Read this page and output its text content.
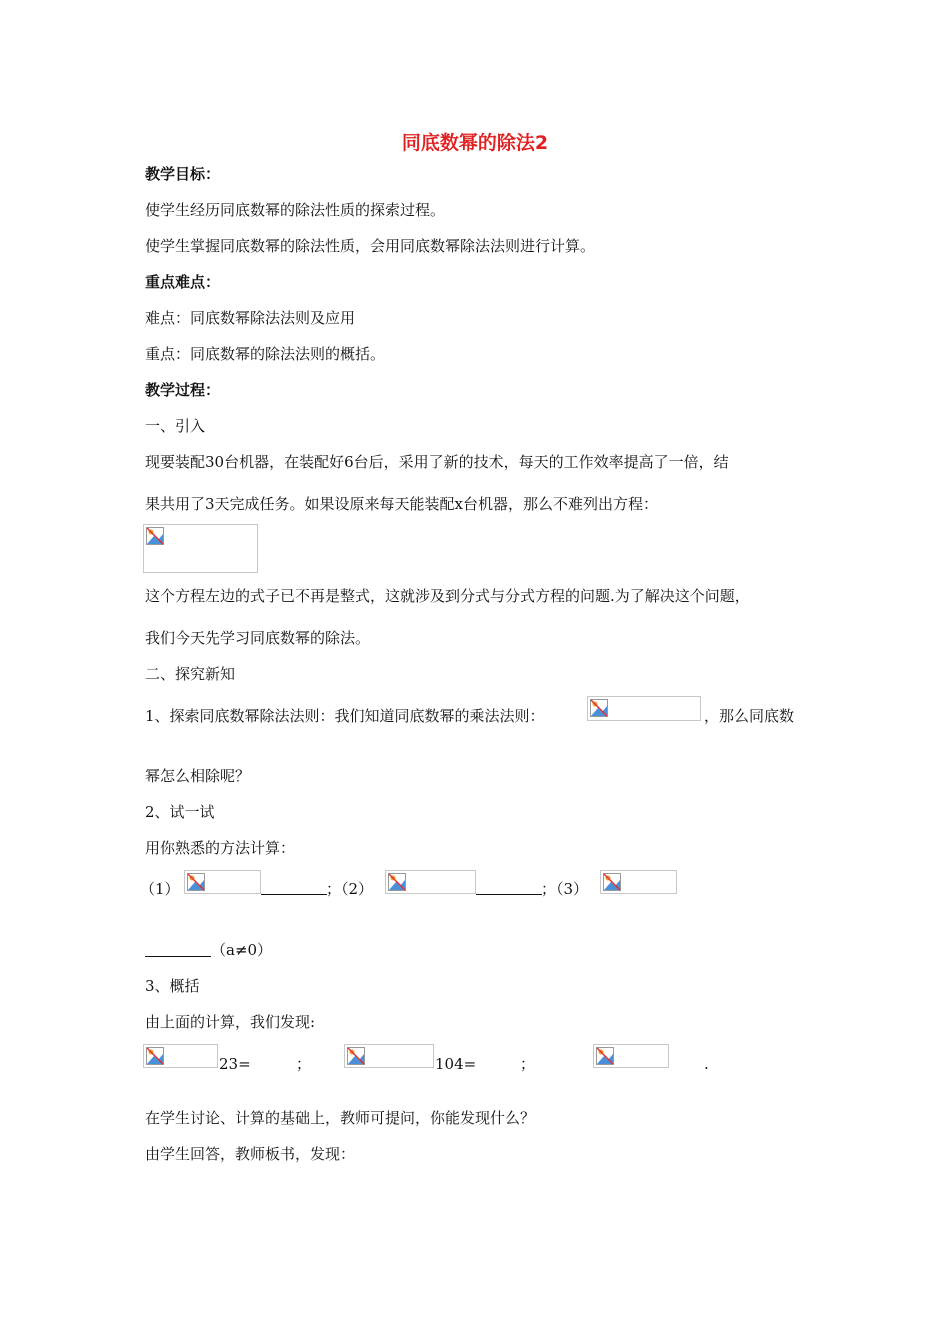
同底数幂的除法2
教学目标：
使学生经历同底数幂的除法性质的探索过程。
使学生掌握同底数幂的除法性质，会用同底数幂除法法则进行计算。
重点难点：
难点：同底数幂除法法则及应用
重点：同底数幂的除法法则的概括。
教学过程：
一、引入
现要装配30台机器，在装配好6台后，采用了新的技术，每天的工作效率提高了一倍，结
果共用了3天完成任务。如果设原来每天能装配x台机器，那么不难列出方程：
这个方程左边的式子已不再是整式，这就涉及到分式与分式方程的问题.为了解决这个问题，
我们今天先学习同底数幂的除法。
二、探究新知
1、探索同底数幂除法法则：我们知道同底数幂的乘法法则：	，那么同底数
幂怎么相除呢？
2、试一试
用你熟悉的方法计算：
（1）	；（2）	；（3）
（a≠0）
3、概括
由上面的计算，我们发现:
23=	；	104=	；	.
在学生讨论、计算的基础上，教师可提问，你能发现什么？
由学生回答，教师板书，发现：
